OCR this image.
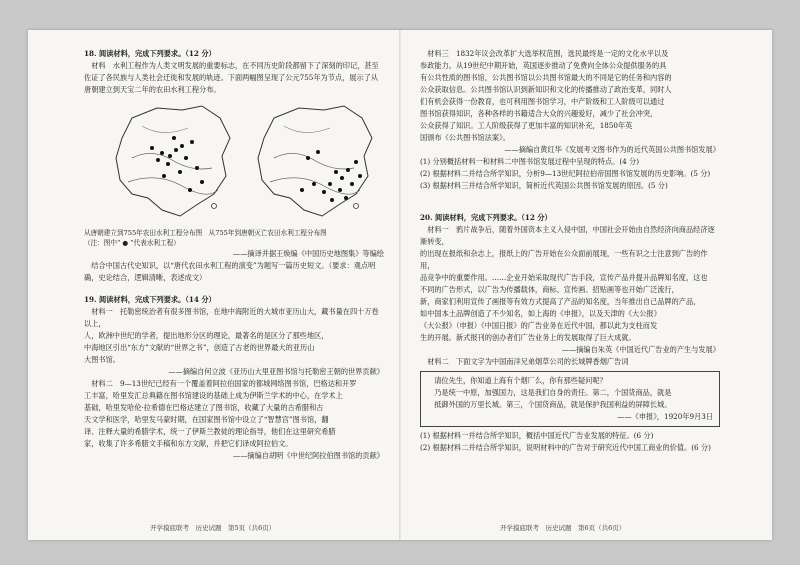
18. 阅读材料，完成下列要求。（12 分）

材料　水利工程作为人类文明发展的重要标志，在不同历史阶段都留下了深刻的印记，甚至佐证了各民族与人类社会迁徙和发展的轨迹。下面两幅图呈现了公元755年为节点，展示了从唐朝建立到天宝二年的农田水利工程分布。

从唐朝建立到755年农田水利工程分布图　从755年到唐朝灭亡农田水利工程分布图

（注：图中“ ● ”代表水利工程）

——摘译并据王焕编《中国历史地图集》等编绘

结合中国古代史知识，以“唐代农田水利工程的演变”为题写一篇历史短文。（要求：观点明确，史论结合，逻辑清晰，表述成文）

19. 阅读材料，完成下列要求。（14 分）

材料一　托勒密统治者有很多图书馆，在地中海附近的大城市亚历山大，藏书量在四十万卷以上，

人，欧洲中世纪的学者，提出地形分区的理论，最著名的是区分了那些地区，

中海地区引出“东方”文献的“世界之书”，创造了古老的世界最大的亚历山

大图书馆。

——摘编自何立波《亚历山大里亚图书馆与托勒密王朝的世界贡献》

材料二　9—13世纪已经有一个覆盖着阿拉伯国家的都城网络图书馆，巴格达和开罗

工丰富，哈里发汇总典籍在图书馆建设的基础上成为伊斯兰学术的中心，在学术上

基础，哈里发哈伦·拉希德在巴格达建立了图书馆，收藏了大量的古希腊和古

天文学和医学，哈里发马蒙时期，在国家图书馆中设立了“智慧宫”图书馆，翻

译、注释大量的希腊学术，统一了伊斯兰教徒的理论指导，他们在这里研究希腊

家，收集了许多希腊文手稿和东方文献，并把它们译成阿拉伯文。

——摘编自胡明《中世纪阿拉伯图书馆的贡献》

开学摸底联考　历史试题　第5页（共6页）

材料三　1832年议会改革扩大选举权范围，选民最终是一定的文化水平以及

参政能力。从19世纪中期开始，英国逐步推动了免费向全体公众提供服务的具

有公共性质的图书馆，公共图书馆以公共图书馆最大的不同是它的任务和内容的

公众获取信息。公共图书馆认识到新知识和文化的传播推动了政治变革，同时人

们有机会获得一份教育，也可利用图书馆学习，中产阶级和工人阶级可以通过

图书馆获得知识，各种各样的书籍适合大众的兴趣爱好，减少了社会冲突，

公众获得了知识。工人阶级获得了更加丰富的知识补充，1850年英

国颁布《公共图书馆法案》。

——摘编自黄红华《发展考文图书作为的近代英国公共图书馆发展》

(1) 分别概括材料一和材料二中图书馆发展过程中呈现的特点。(4 分)

(2) 根据材料二并结合所学知识，分析9—13世纪阿拉伯帝国图书馆发展的历史影响。(5 分)

(3) 根据材料三并结合所学知识，简析近代英国公共图书馆发展的原因。(5 分)

20. 阅读材料，完成下列要求。（12 分）

材料一　鸦片战争后，随着外国资本主义入侵中国，中国社会开始由自然经济向商品经济逐渐转变，

的出现在报纸和杂志上，报纸上的广告开始在公众面前展现，一些有识之士注意到广告的作用，

品竞争中的重要作用。……企业开始采取现代广告手段，宣传产品并提升品牌知名度，这也

不同的广告形式，以广告为传播载体，商标、宣传画、招贴画等也开始广泛流行，

新，商家们利用宣传了画报等有效方式提高了产品的知名度，当年推出自己品牌的产品，

如中国本土品牌创造了不少知名，如上海的《申报》，以及天津的《大公报》

《大公报》（申报）《中国日报》的广告业务在近代中国，都以此为支柱而发

生的开展。新式报刊的创办者们广告业务上的发展取得了巨大成就。

——摘编自朱英《中国近代广告业的产生与发展》

材料二　下面文字为中国南洋兄弟烟草公司的长城牌香烟广告词

请位先生，你知道上海有个烟厂么，你有那些疑问呢？

乃是统一中原，加强国力，这是我们自身的责任。第二，个国货商品，就是

抵御外国的万里长城。第三，个国货商品，就是保护我国利益的屏障长城。

——《申报》，1920年9月3日

(1) 根据材料一并结合所学知识，概括中国近代广告业发展的特征。(6 分)

(2) 根据材料二并结合所学知识，说明材料中的广告对于研究近代中国工商业的价值。(6 分)

开学摸底联考　历史试题　第6页（共6页）
